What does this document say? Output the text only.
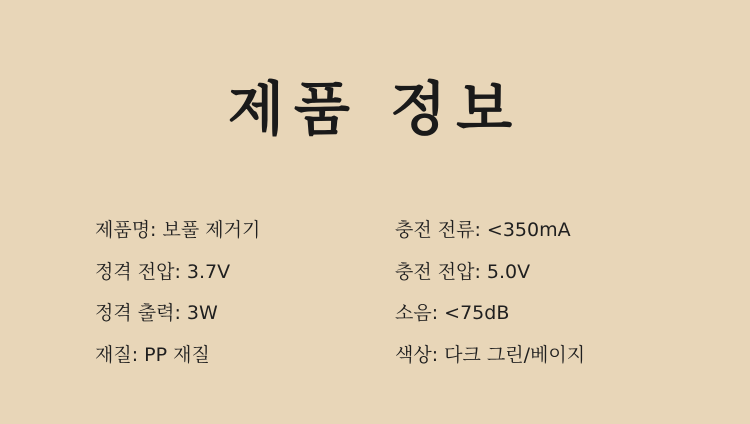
제품 정보
제품명: 보풀 제거기	충전 전류: <350mA
정격 전압: 3.7V	충전 전압: 5.0V
정격 출력: 3W	소음: <75dB
재질: PP 재질	색상: 다크 그린/베이지
